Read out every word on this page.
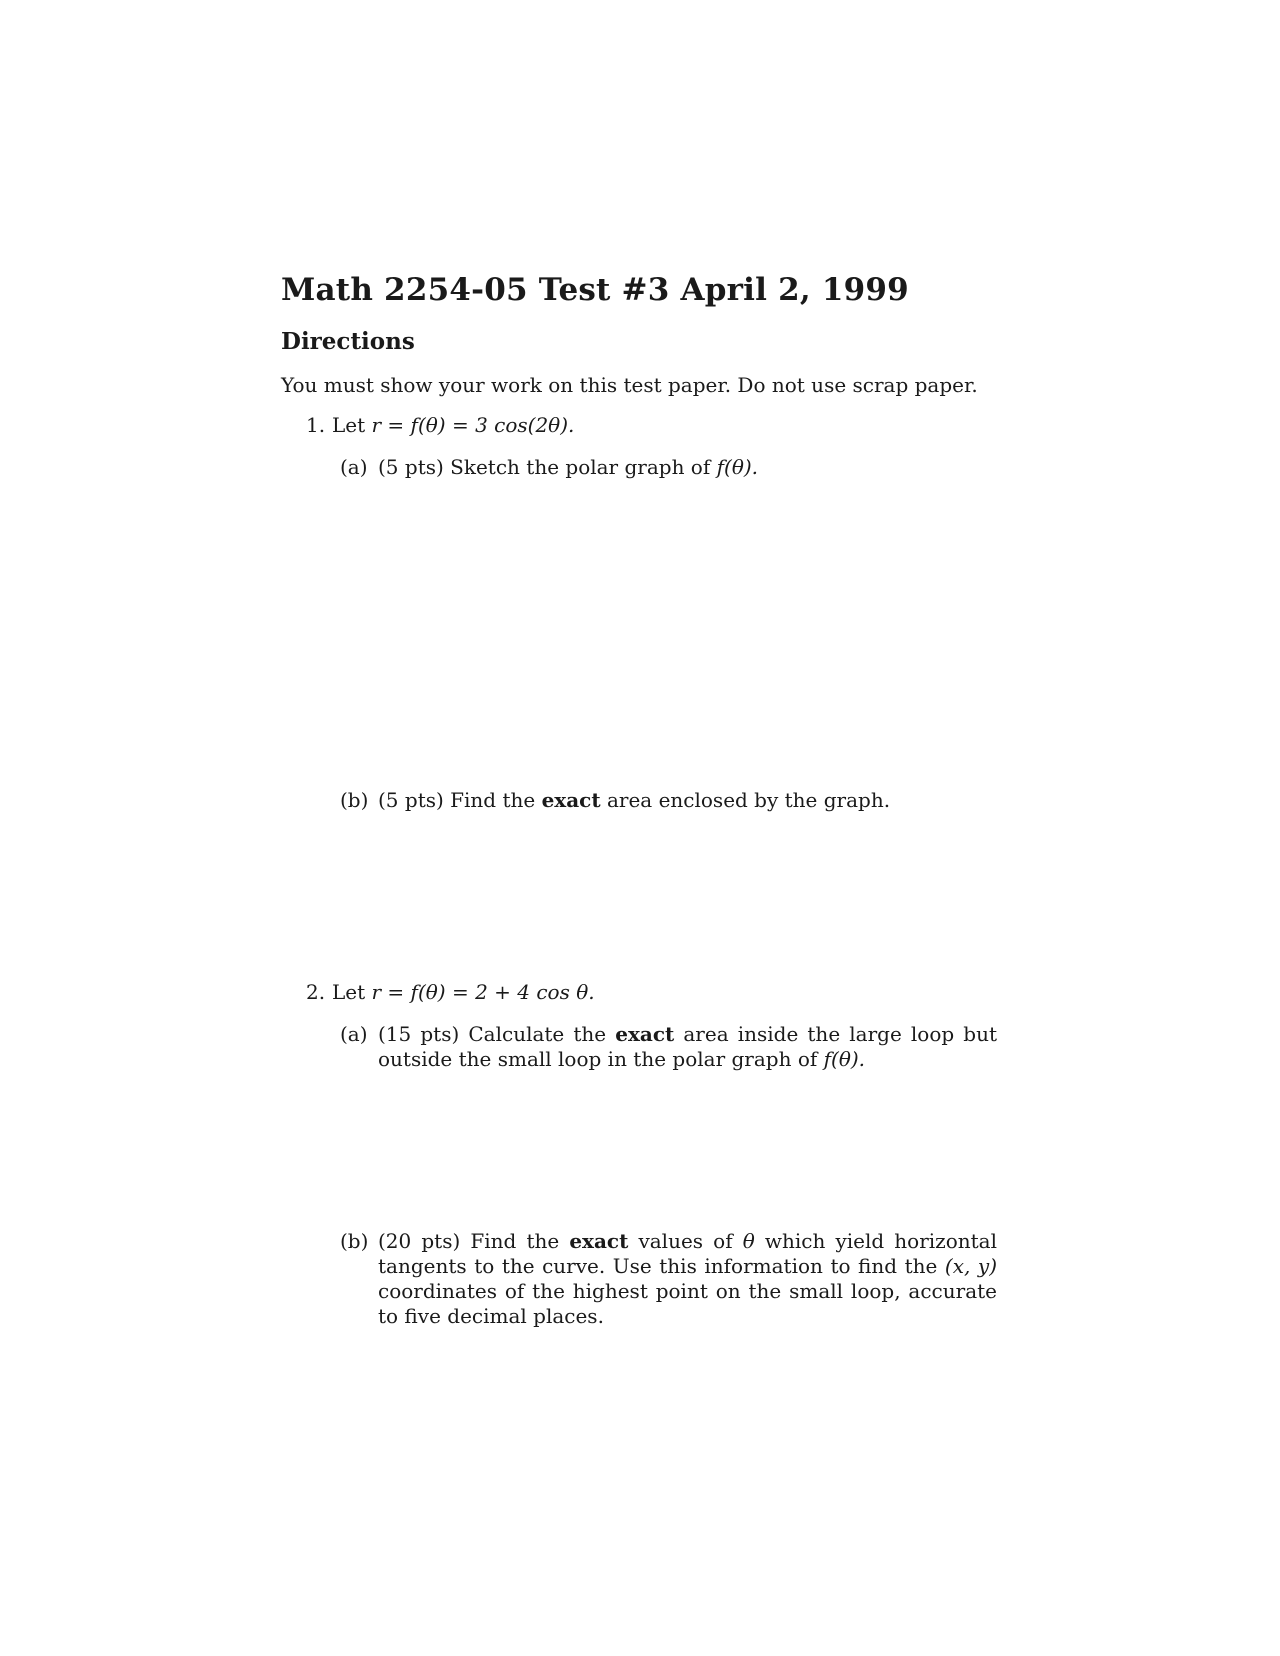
Math 2254-05 Test #3 April 2, 1999
Directions
You must show your work on this test paper. Do not use scrap paper.
1. Let r = f(θ) = 3 cos(2θ).
(a) (5 pts) Sketch the polar graph of f(θ).
(b) (5 pts) Find the exact area enclosed by the graph.
2. Let r = f(θ) = 2 + 4 cos θ.
(a) (15 pts) Calculate the exact area inside the large loop but outside the small loop in the polar graph of f(θ).
(b) (20 pts) Find the exact values of θ which yield horizontal tangents to the curve. Use this information to find the (x, y) coordinates of the highest point on the small loop, accurate to five decimal places.
